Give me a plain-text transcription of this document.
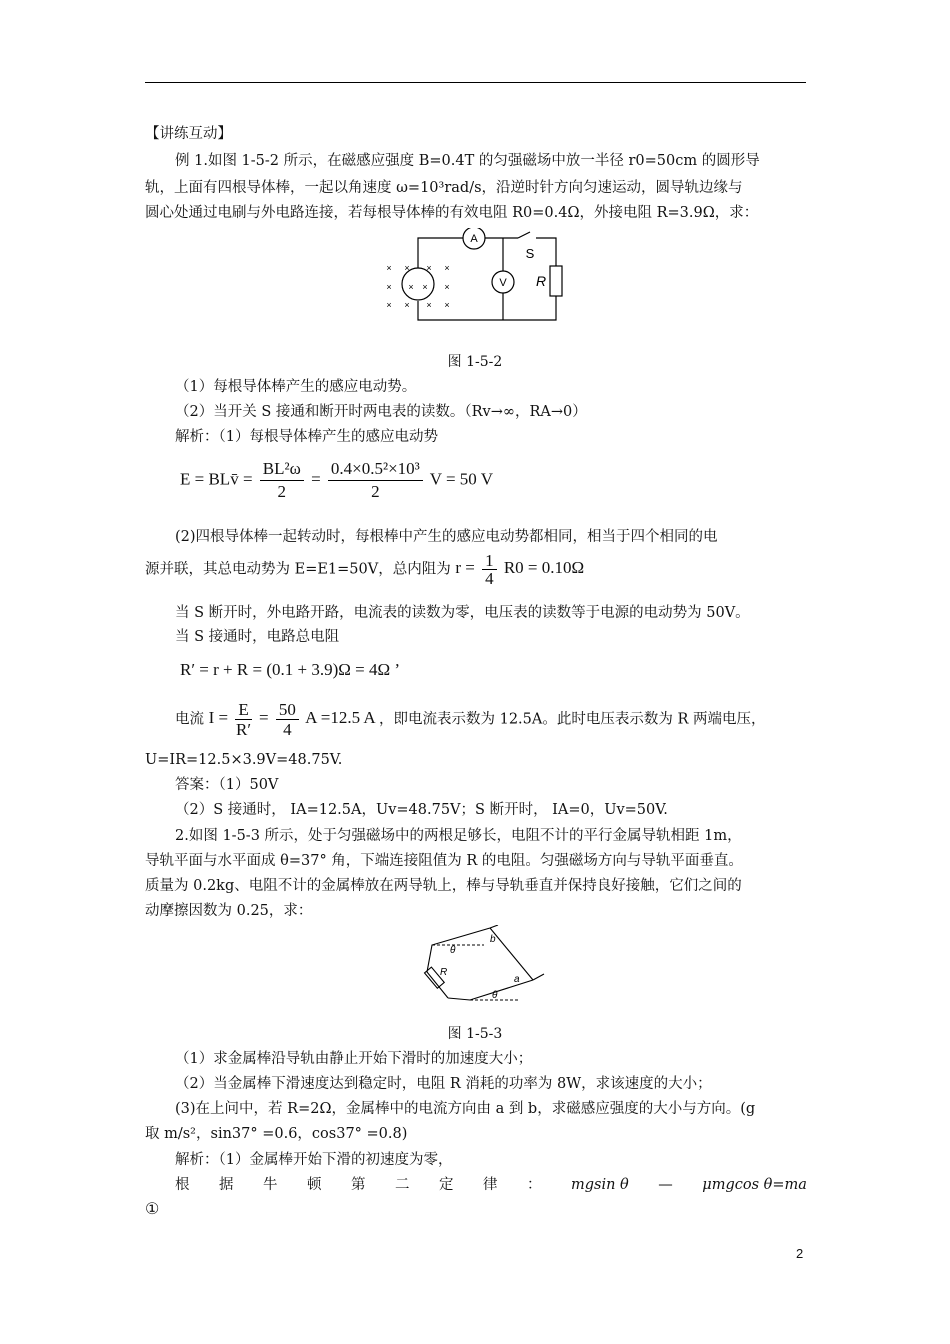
【讲练互动】
例 1.如图 1-5-2 所示，在磁感应强度 B=0.4T 的匀强磁场中放一半径 r0=50cm 的圆形导
轨，上面有四根导体棒，一起以角速度 ω=10³rad/s，沿逆时针方向匀速运动，圆导轨边缘与
圆心处通过电刷与外电路连接，若每根导体棒的有效电阻 R0=0.4Ω，外接电阻 R=3.9Ω，求：
× × × ×
× × × ×
× × × ×
A
V
S
R
图 1-5-2
（1）每根导体棒产生的感应电动势。
（2）当开关 S 接通和断开时两电表的读数。（Rv→∞，RA→0）
解析：（1）每根导体棒产生的感应电动势
E = BLv̄ = $\frac{\text{BL²ω}}{2} = \frac{\text{0.4×0.5²×10³}}{2}$ V = 50 V
(2)四根导体棒一起转动时，每根棒中产生的感应电动势都相同，相当于四个相同的电
源并联，其总电动势为 E=E1=50V，总内阻为 $r = \frac{1}{4} R0 = 0.10\Omega$
当 S 断开时，外电路开路，电流表的读数为零，电压表的读数等于电源的电动势为 50V。
当 S 接通时，电路总电阻
R′ = r + R = (0.1 + 3.9)Ω = 4Ω ’
电流 $I = \frac{E}{R'} = \frac{50}{4}$ A =12.5 A ，即电流表示数为 12.5A。此时电压表示数为 R 两端电压，
U=IR=12.5×3.9V=48.75V.
答案：（1）50V
（2）S 接通时， IA=12.5A，Uv=48.75V；S 断开时， IA=0，Uv=50V.
2.如图 1-5-3 所示，处于匀强磁场中的两根足够长，电阻不计的平行金属导轨相距 1m，
导轨平面与水平面成 θ=37° 角，下端连接阻值为 R 的电阻。匀强磁场方向与导轨平面垂直。
质量为 0.2kg、电阻不计的金属棒放在两导轨上，棒与导轨垂直并保持良好接触，它们之间的
动摩擦因数为 0.25，求：
θ
θ
b
R
a
图 1-5-3
（1）求金属棒沿导轨由静止开始下滑时的加速度大小；
（2）当金属棒下滑速度达到稳定时，电阻 R 消耗的功率为 8W，求该速度的大小；
(3)在上问中，若 R=2Ω，金属棒中的电流方向由 a 到 b，求磁感应强度的大小与方向。(g
取 m/s²，sin37° =0.6，cos37° =0.8)
解析：（1）金属棒开始下滑的初速度为零，
根 据 牛 顿 第 二 定 律 ： mgsin θ — μmgcos θ=ma
①
2
